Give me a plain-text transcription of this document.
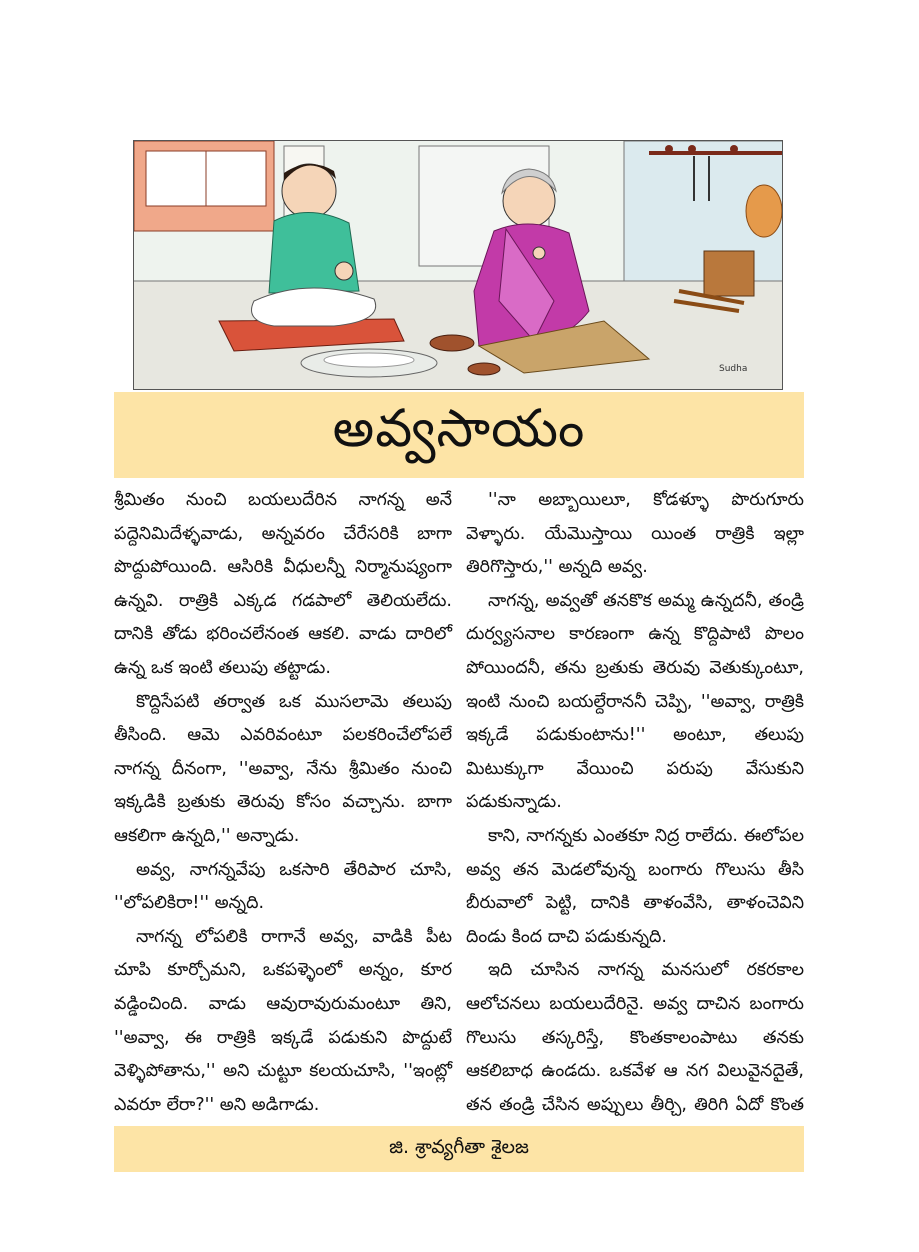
Sudha
అవ్వసాయం

శ్రీమితం నుంచి బయలుదేరిన నాగన్న అనే పద్దెనిమిదేళ్ళవాడు, అన్నవరం చేరేసరికి బాగా పొద్దుపోయింది. ఆసిరికి వీధులన్నీ నిర్మానుష్యంగా ఉన్నవి. రాత్రికి ఎక్కడ గడపాలో తెలియలేదు. దానికి తోడు భరించలేనంత ఆకలి. వాడు దారిలో ఉన్న ఒక ఇంటి తలుపు తట్టాడు.

కొద్దిసేపటి తర్వాత ఒక ముసలామె తలుపు తీసింది. ఆమె ఎవరివంటూ పలకరించేలోపలే నాగన్న దీనంగా, ''అవ్వా, నేను శ్రీమితం నుంచి ఇక్కడికి బ్రతుకు తెరువు కోసం వచ్చాను. బాగా ఆకలిగా ఉన్నది,'' అన్నాడు.

అవ్వ, నాగన్నవేపు ఒకసారి తేరిపార చూసి, ''లోపలికిరా!'' అన్నది.

నాగన్న లోపలికి రాగానే అవ్వ, వాడికి పీట చూపి కూర్చోమని, ఒకపళ్ళెంలో అన్నం, కూర వడ్డించింది. వాడు ఆవురావురుమంటూ తిని, ''అవ్వా, ఈ రాత్రికి ఇక్కడే పడుకుని పొద్దుటే వెళ్ళిపోతాను,'' అని చుట్టూ కలయచూసి, ''ఇంట్లో ఎవరూ లేరా?'' అని అడిగాడు.

''నా అబ్బాయిలూ, కోడళ్ళూ పొరుగూరు వెళ్ళారు. యేమొస్తాయి యింత రాత్రికి ఇల్లా తిరిగొస్తారు,'' అన్నది అవ్వ.

నాగన్న, అవ్వతో తనకొక అమ్మ ఉన్నదనీ, తండ్రి దుర్వ్యసనాల కారణంగా ఉన్న కొద్దిపాటి పొలం పోయిందనీ, తను బ్రతుకు తెరువు వెతుక్కుంటూ, ఇంటి నుంచి బయల్దేరాననీ చెప్పి, ''అవ్వా, రాత్రికి ఇక్కడే పడుకుంటాను!'' అంటూ, తలుపు మిటుక్కుగా వేయించి పరుపు వేసుకుని పడుకున్నాడు.

కాని, నాగన్నకు ఎంతకూ నిద్ర రాలేదు. ఈలోపల అవ్వ తన మెడలోవున్న బంగారు గొలుసు తీసి బీరువాలో పెట్టి, దానికి తాళంవేసి, తాళంచెవిని దిండు కింద దాచి పడుకున్నది.

ఇది చూసిన నాగన్న మనసులో రకరకాల ఆలోచనలు బయలుదేరినై. అవ్వ దాచిన బంగారు గొలుసు తస్కరిస్తే, కొంతకాలంపాటు తనకు ఆకలిబాధ ఉండదు. ఒకవేళ ఆ నగ విలువైనదైతే, తన తండ్రి చేసిన అప్పులు తీర్చి, తిరిగి ఏదో కొంత

జి. శ్రావ్యగీతా శైలజ
